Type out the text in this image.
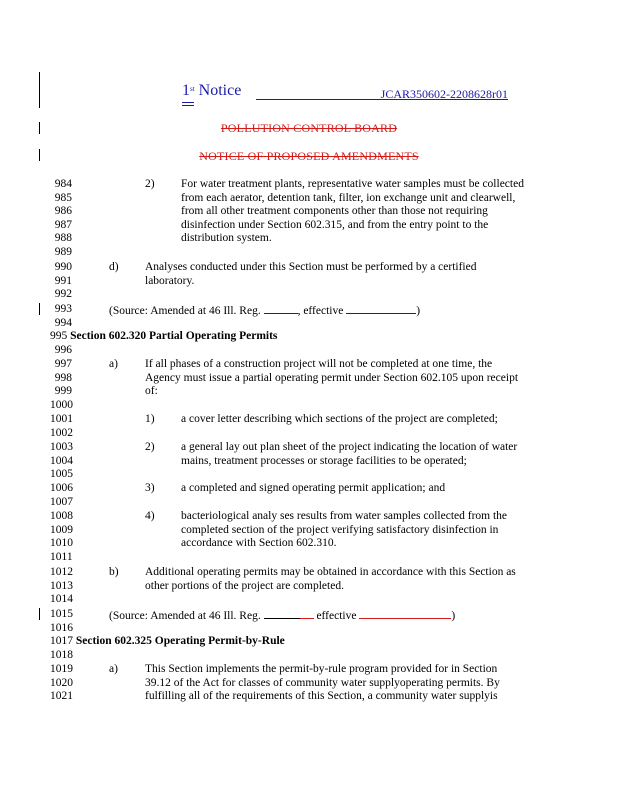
1st Notice	JCAR350602-2208628r01
POLLUTION CONTROL BOARD
NOTICE OF PROPOSED AMENDMENTS
984	2) For water treatment plants, representative water samples must be collected
985	from each aerator, detention tank, filter, ion exchange unit and clearwell,
986	from all other treatment components other than those not requiring
987	disinfection under Section 602.315, and from the entry point to the
988	distribution system.
989
990	d) Analyses conducted under this Section must be performed by a certified
991	laboratory.
992
993	(Source: Amended at 46 Ill. Reg.	, effective	)
994
995 Section 602.320 Partial Operating Permits
996
997	a) If all phases of a construction project will not be completed at one time, the
998	Agency must issue a partial operating permit under Section 602.105 upon receipt
999	of:
1000
1001	1) a cover letter describing which sections of the project are completed;
1002
1003	2) a general lay out plan sheet of the project indicating the location of water
1004	mains, treatment processes or storage facilities to be operated;
1005
1006	3) a completed and signed operating permit application; and
1007
1008	4) bacteriological analy ses results from water samples collected from the
1009	completed section of the project verifying satisfactory disinfection in
1010	accordance with Section 602.310.
1011
1012	b) Additional operating permits may be obtained in accordance with this Section as
1013	other portions of the project are completed.
1014
1015	(Source: Amended at 46 Ill. Reg.	effective	)
1016
1017 Section 602.325 Operating Permit-by-Rule
1018
1019	a) This Section implements the permit-by-rule program provided for in Section
1020	39.12 of the Act for classes of community water supplyoperating permits. By
1021	fulfilling all of the requirements of this Section, a community water supplyis
